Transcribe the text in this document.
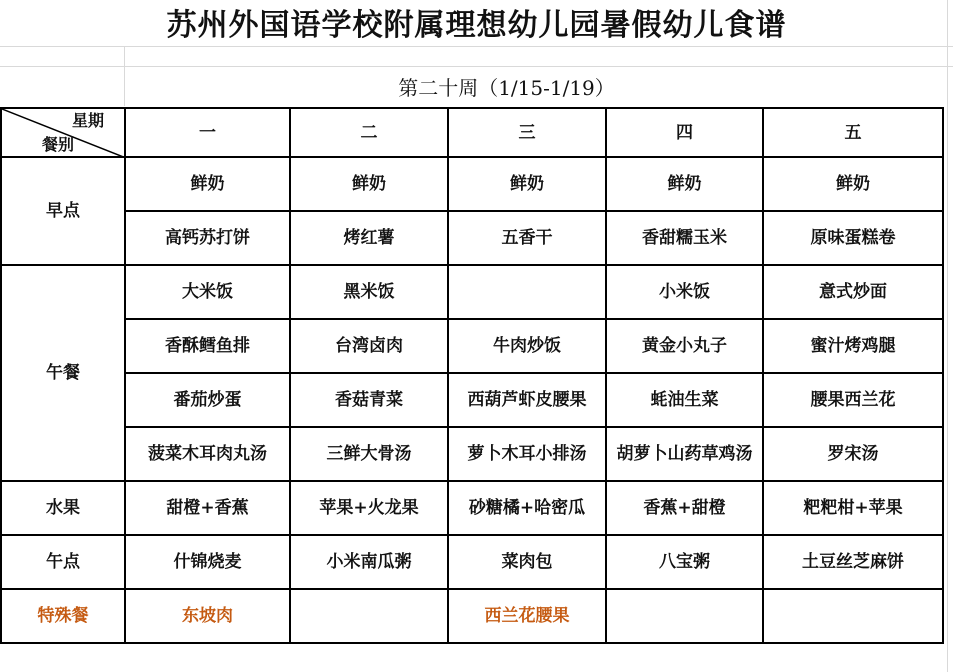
苏州外国语学校附属理想幼儿园暑假幼儿食谱
第二十周（1/15-1/19）
星期
餐别	一	二	三	四	五
早点	鲜奶	鲜奶	鲜奶	鲜奶	鲜奶
	高钙苏打饼	烤红薯	五香干	香甜糯玉米	原味蛋糕卷
午餐	大米饭	黑米饭		小米饭	意式炒面
	香酥鳕鱼排	台湾卤肉	牛肉炒饭	黄金小丸子	蜜汁烤鸡腿
	番茄炒蛋	香菇青菜	西葫芦虾皮腰果	蚝油生菜	腰果西兰花
	菠菜木耳肉丸汤	三鲜大骨汤	萝卜木耳小排汤	胡萝卜山药草鸡汤	罗宋汤
水果	甜橙+香蕉	苹果+火龙果	砂糖橘+哈密瓜	香蕉+甜橙	粑粑柑+苹果
午点	什锦烧麦	小米南瓜粥	菜肉包	八宝粥	土豆丝芝麻饼
特殊餐	东坡肉		西兰花腰果		
